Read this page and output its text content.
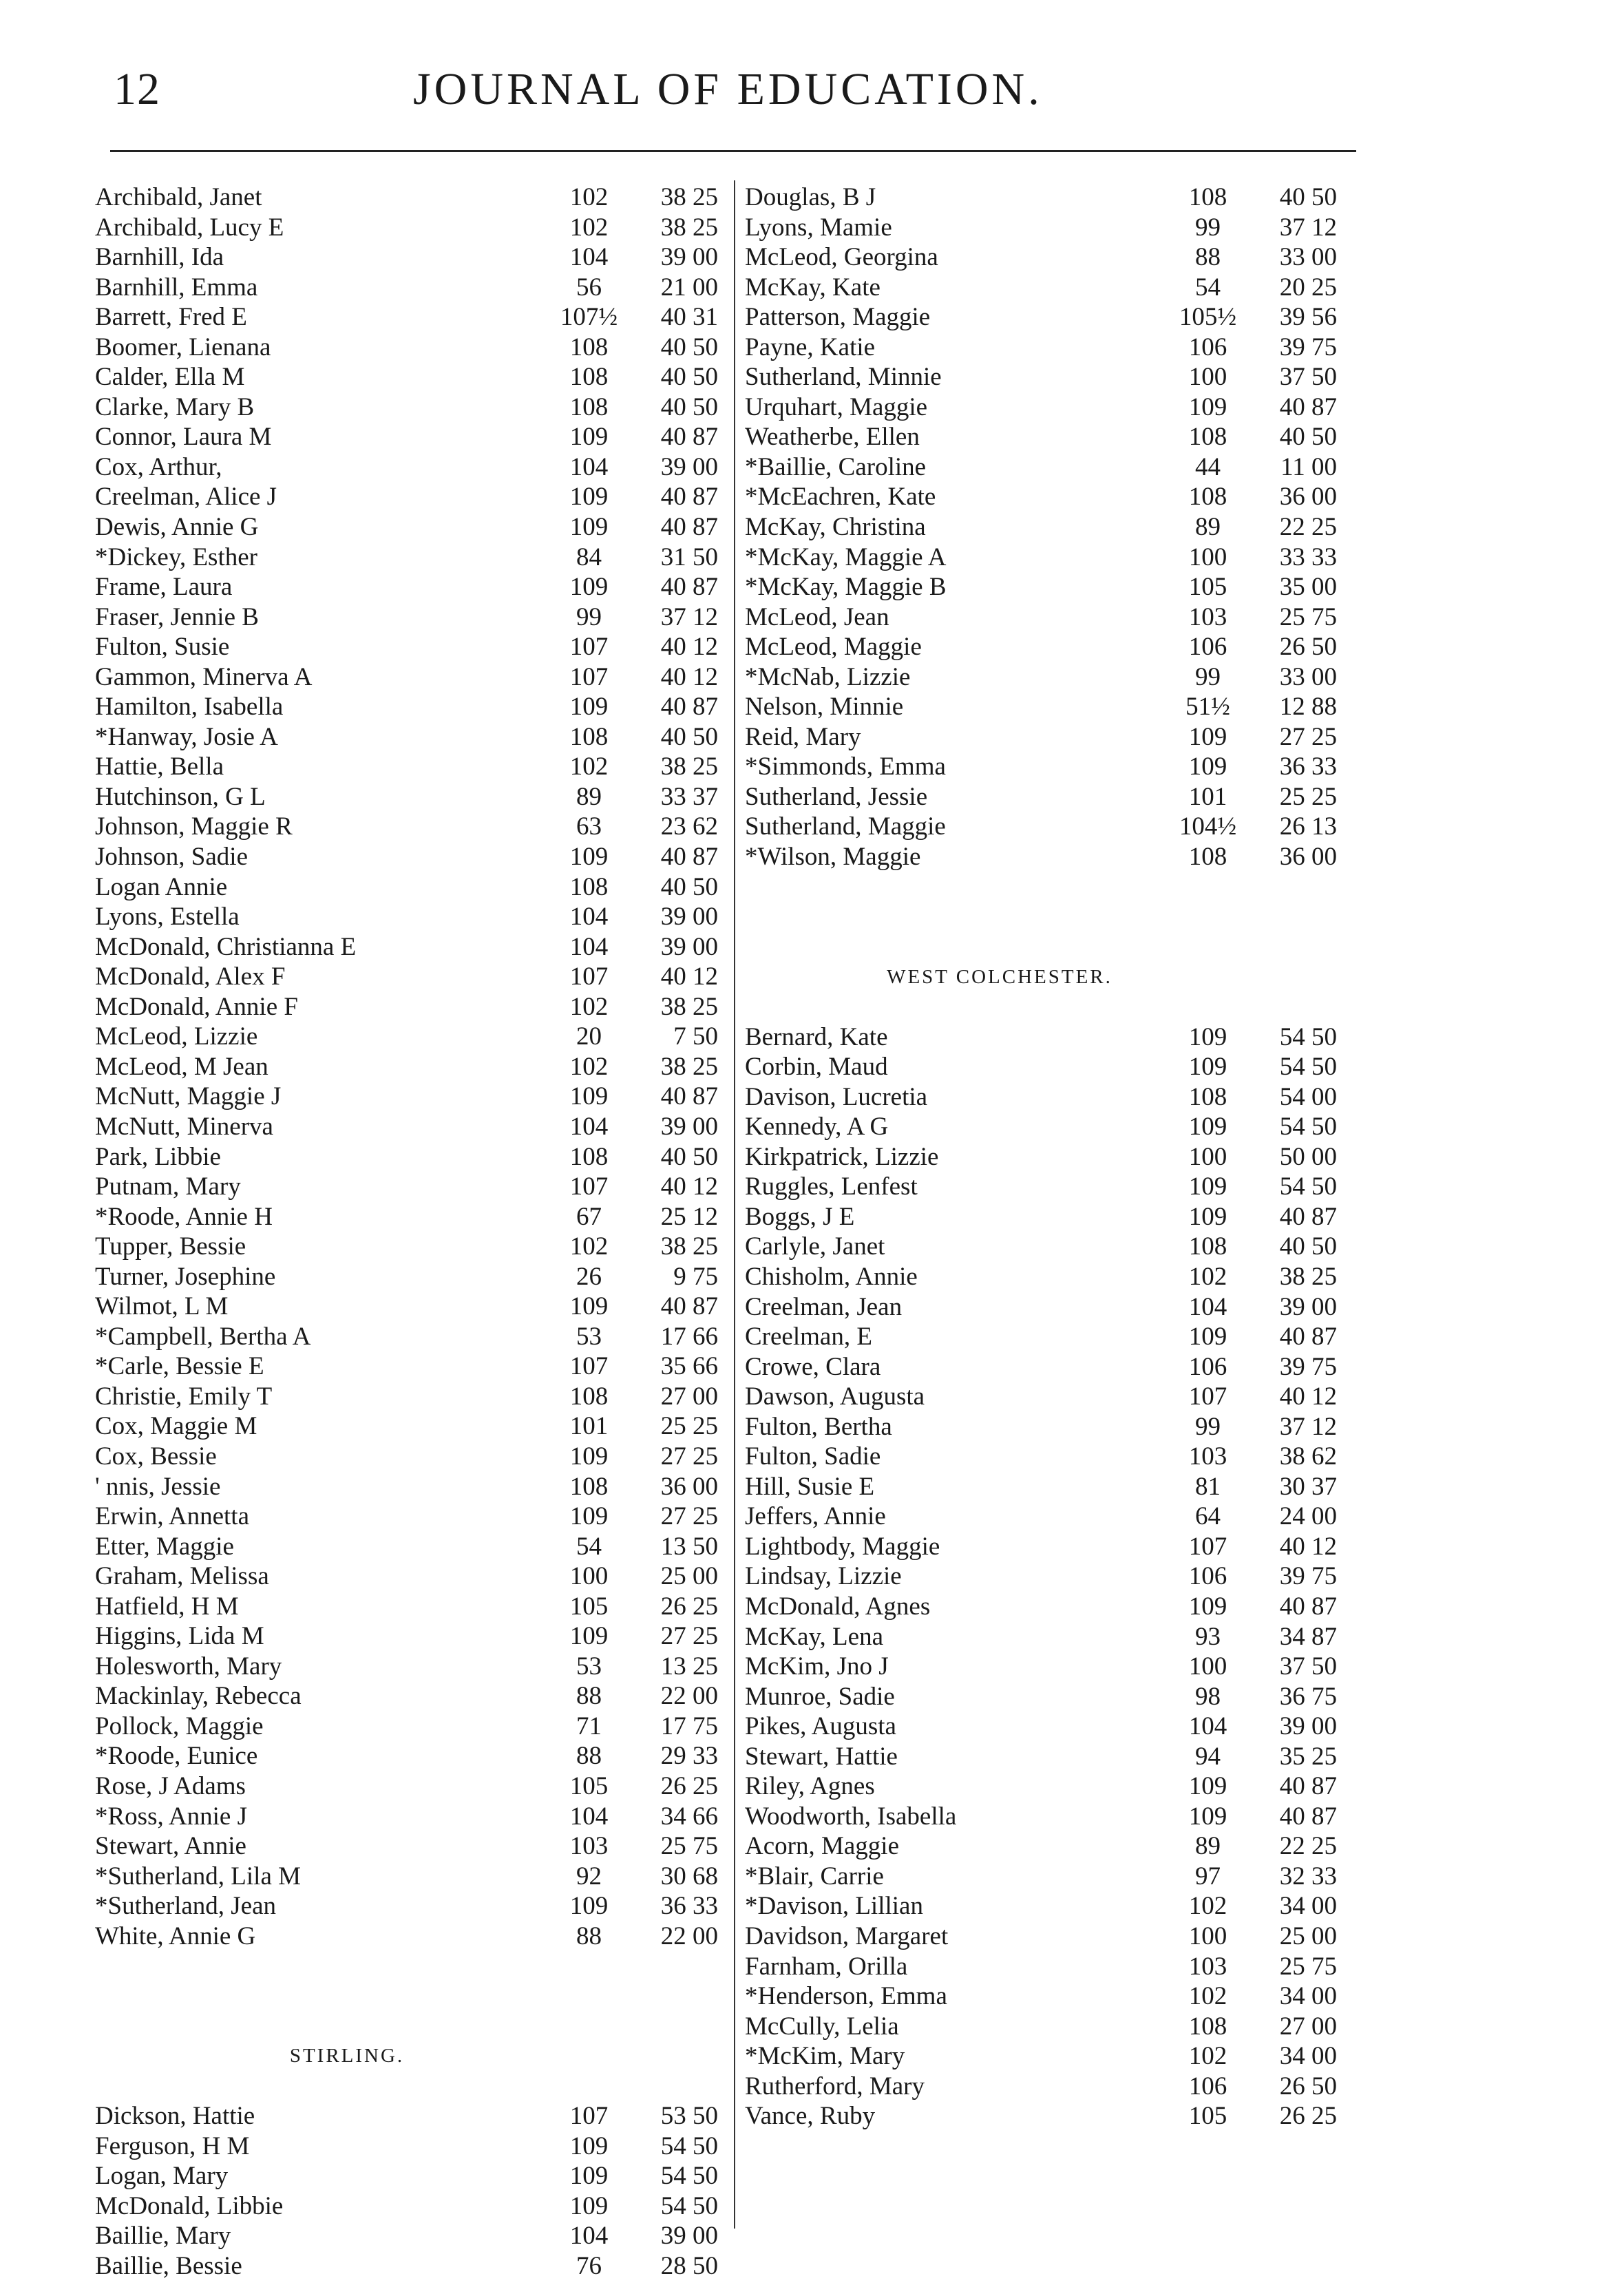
12	JOURNAL OF EDUCATION.
Archibald, Janet	102	38 25
Archibald, Lucy E	102	38 25
Barnhill, Ida	104	39 00
Barnhill, Emma	56	21 00
Barrett, Fred E	107½	40 31
Boomer, Lienana	108	40 50
Calder, Ella M	108	40 50
Clarke, Mary B	108	40 50
Connor, Laura M	109	40 87
Cox, Arthur,	104	39 00
Creelman, Alice J	109	40 87
Dewis, Annie G	109	40 87
*Dickey, Esther	84	31 50
Frame, Laura	109	40 87
Fraser, Jennie B	99	37 12
Fulton, Susie	107	40 12
Gammon, Minerva A	107	40 12
Hamilton, Isabella	109	40 87
*Hanway, Josie A	108	40 50
Hattie, Bella	102	38 25
Hutchinson, G L	89	33 37
Johnson, Maggie R	63	23 62
Johnson, Sadie	109	40 87
Logan Annie	108	40 50
Lyons, Estella	104	39 00
McDonald, Christianna E	104	39 00
McDonald, Alex F	107	40 12
McDonald, Annie F	102	38 25
McLeod, Lizzie	20	7 50
McLeod, M Jean	102	38 25
McNutt, Maggie J	109	40 87
McNutt, Minerva	104	39 00
Park, Libbie	108	40 50
Putnam, Mary	107	40 12
*Roode, Annie H	67	25 12
Tupper, Bessie	102	38 25
Turner, Josephine	26	9 75
Wilmot, L M	109	40 87
*Campbell, Bertha A	53	17 66
*Carle, Bessie E	107	35 66
Christie, Emily T	108	27 00
Cox, Maggie M	101	25 25
Cox, Bessie	109	27 25
' nnis, Jessie	108	36 00
Erwin, Annetta	109	27 25
Etter, Maggie	54	13 50
Graham, Melissa	100	25 00
Hatfield, H M	105	26 25
Higgins, Lida M	109	27 25
Holesworth, Mary	53	13 25
Mackinlay, Rebecca	88	22 00
Pollock, Maggie	71	17 75
*Roode, Eunice	88	29 33
Rose, J Adams	105	26 25
*Ross, Annie J	104	34 66
Stewart, Annie	103	25 75
*Sutherland, Lila M	92	30 68
*Sutherland, Jean	109	36 33
White, Annie G	88	22 00
STIRLING.
Dickson, Hattie	107	53 50
Ferguson, H M	109	54 50
Logan, Mary	109	54 50
McDonald, Libbie	109	54 50
Baillie, Mary	104	39 00
Baillie, Bessie	76	28 50
Douglas, B J	108	40 50
Lyons, Mamie	99	37 12
McLeod, Georgina	88	33 00
McKay, Kate	54	20 25
Patterson, Maggie	105½	39 56
Payne, Katie	106	39 75
Sutherland, Minnie	100	37 50
Urquhart, Maggie	109	40 87
Weatherbe, Ellen	108	40 50
*Baillie, Caroline	44	11 00
*McEachren, Kate	108	36 00
McKay, Christina	89	22 25
*McKay, Maggie A	100	33 33
*McKay, Maggie B	105	35 00
McLeod, Jean	103	25 75
McLeod, Maggie	106	26 50
*McNab, Lizzie	99	33 00
Nelson, Minnie	51½	12 88
Reid, Mary	109	27 25
*Simmonds, Emma	109	36 33
Sutherland, Jessie	101	25 25
Sutherland, Maggie	104½	26 13
*Wilson, Maggie	108	36 00
WEST COLCHESTER.
Bernard, Kate	109	54 50
Corbin, Maud	109	54 50
Davison, Lucretia	108	54 00
Kennedy, A G	109	54 50
Kirkpatrick, Lizzie	100	50 00
Ruggles, Lenfest	109	54 50
Boggs, J E	109	40 87
Carlyle, Janet	108	40 50
Chisholm, Annie	102	38 25
Creelman, Jean	104	39 00
Creelman, E	109	40 87
Crowe, Clara	106	39 75
Dawson, Augusta	107	40 12
Fulton, Bertha	99	37 12
Fulton, Sadie	103	38 62
Hill, Susie E	81	30 37
Jeffers, Annie	64	24 00
Lightbody, Maggie	107	40 12
Lindsay, Lizzie	106	39 75
McDonald, Agnes	109	40 87
McKay, Lena	93	34 87
McKim, Jno J	100	37 50
Munroe, Sadie	98	36 75
Pikes, Augusta	104	39 00
Stewart, Hattie	94	35 25
Riley, Agnes	109	40 87
Woodworth, Isabella	109	40 87
Acorn, Maggie	89	22 25
*Blair, Carrie	97	32 33
*Davison, Lillian	102	34 00
Davidson, Margaret	100	25 00
Farnham, Orilla	103	25 75
*Henderson, Emma	102	34 00
McCully, Lelia	108	27 00
*McKim, Mary	102	34 00
Rutherford, Mary	106	26 50
Vance, Ruby	105	26 25
